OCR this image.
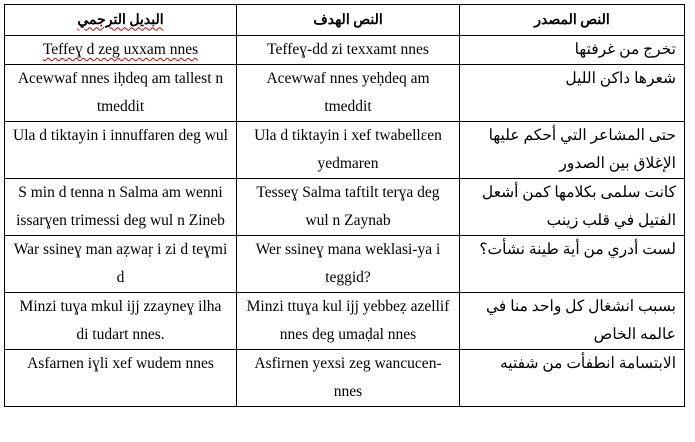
البديل الترجمي	النص الهدف	النص المصدر
Teffeɣ d zeg uxxam nnes	Teffeɣ-dd zi texxamt nnes	تخرج من غرفتها
Acewwaf nnes iḥdeq am tallest n tmeddit	Acewwaf nnes yeḥdeq am tmeddit	شعرها داكن الليل
Ula d tiktayin i innuffaren deg wul	Ula d tiktayin i xef twabellɛen yedmaren	حتى المشاعر التي أحكم عليها الإغلاق بين الصدور
S min d tenna n Salma am wenni issarɣen trimessi deg wul n Zineb	Tesseɣ Salma taftilt terɣa deg wul n Zaynab	كانت سلمى بكلامها كمن أشعل الفتيل في قلب زينب
War ssineɣ man aẓwaṛ i zi d teɣmi d	Wer ssineɣ mana weklasi-ya i teggid?	لست أدري من أية طينة نشأت؟
Minzi tuɣa mkul ijj zzayneɣ ilha di tudart nnes.	Minzi ttuɣa kul ijj yebbeẓ azellif nnes deg umaḍal nnes	بسبب انشغال كل واحد منا في عالمه الخاص
Asfarnen iɣli xef wudem nnes	Asfirnen yexsi zeg wancucen-nnes	الابتسامة انطفأت من شفتيه
